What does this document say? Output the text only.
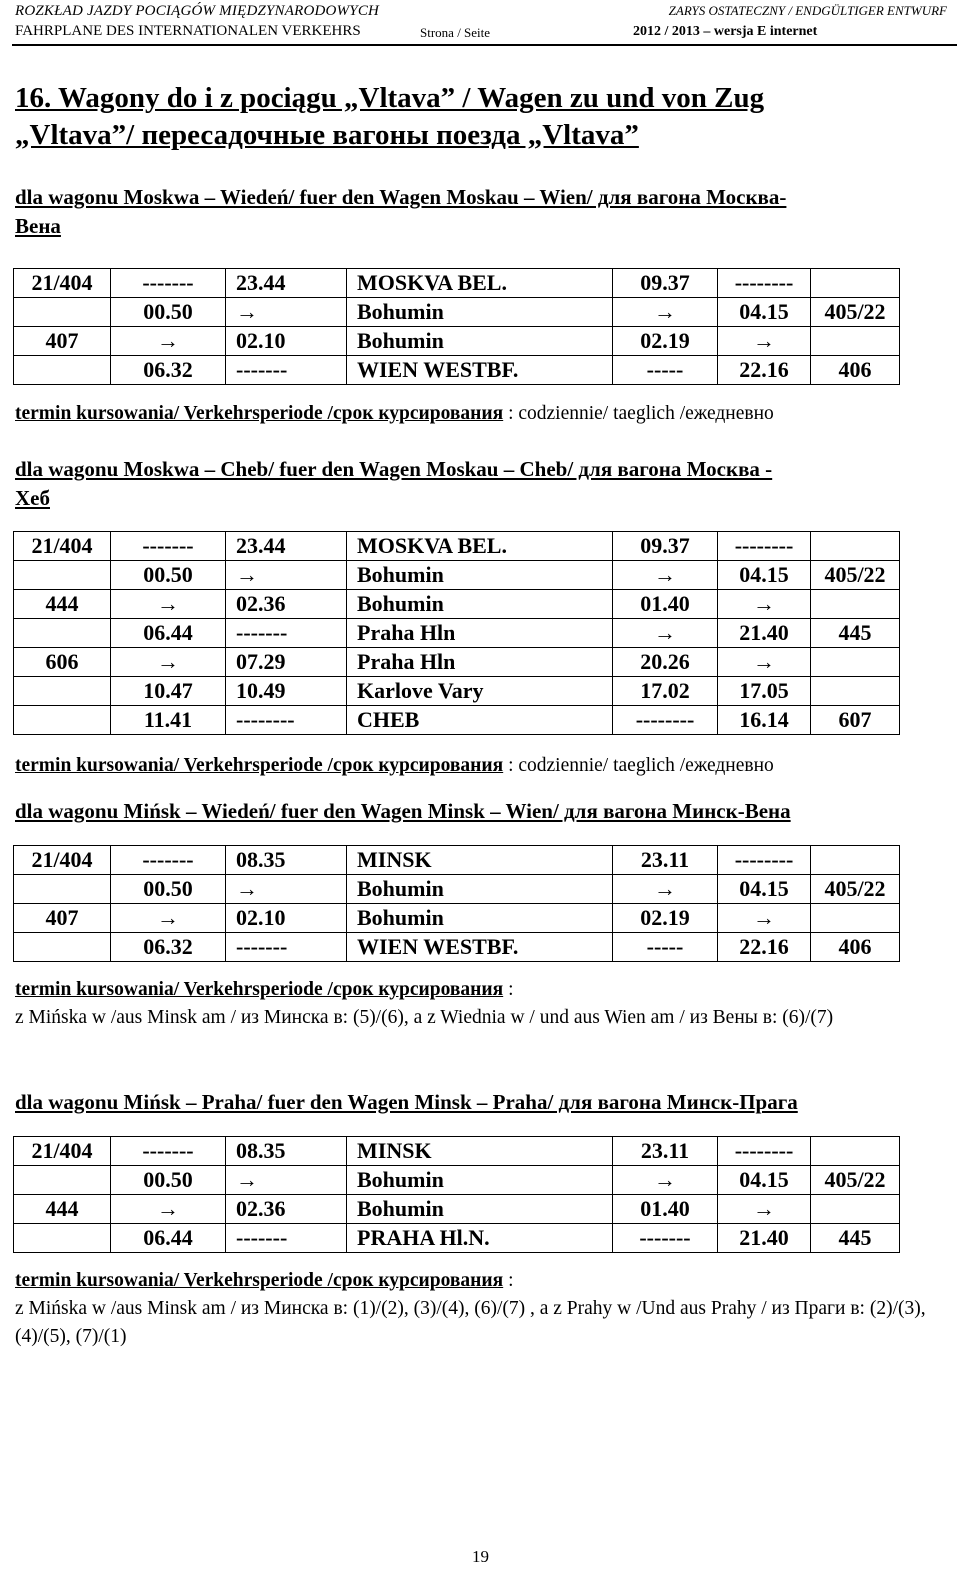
ROZKŁAD JAZDY POCIĄGÓW MIĘDZYNARODOWYCH
FAHRPLANE DES INTERNATIONALEN VERKEHRS	Strona / Seite
ZARYS OSTATECZNY / ENDGÜLTIGER ENTWURF
2012 / 2013 – wersja E internet
16. Wagony do i z pociągu „Vltava” / Wagen zu und von Zug
„Vltava”/ пересадочные вагоны поезда „Vltava”
dla wagonu Moskwa – Wiedeń/ fuer den Wagen Moskau – Wien/ для вагона Москва-
Вена
21/404	-------	23.44	MOSKVA BEL.	09.37	--------	
	00.50	→	Bohumin	→	04.15	405/22
407	→	02.10	Bohumin	02.19	→	
	06.32	-------	WIEN WESTBF.	-----	22.16	406
termin kursowania/ Verkehrsperiode /срок курсирования : codziennie/ taeglich /ежедневно
dla wagonu Moskwa – Cheb/ fuer den Wagen Moskau – Cheb/ для вагона Москва -
Хеб
21/404	-------	23.44	MOSKVA BEL.	09.37	--------	
	00.50	→	Bohumin	→	04.15	405/22
444	→	02.36	Bohumin	01.40	→	
	06.44	-------	Praha Hln	→	21.40	445
606	→	07.29	Praha Hln	20.26	→	
	10.47	10.49	Karlove Vary	17.02	17.05	
	11.41	--------	CHEB	--------	16.14	607
termin kursowania/ Verkehrsperiode /срок курсирования : codziennie/ taeglich /ежедневно
dla wagonu Mińsk – Wiedeń/ fuer den Wagen Minsk – Wien/ для вагона Минск-Вена
21/404	-------	08.35	MINSK	23.11	--------	
	00.50	→	Bohumin	→	04.15	405/22
407	→	02.10	Bohumin	02.19	→	
	06.32	-------	WIEN WESTBF.	-----	22.16	406
termin kursowania/ Verkehrsperiode /срок курсирования :
z Mińska w /aus Minsk am / из Минска в: (5)/(6), a z Wiednia w / und aus Wien am / из Вены в: (6)/(7)
dla wagonu Mińsk – Praha/ fuer den Wagen Minsk – Praha/ для вагона Минск-Прага
21/404	-------	08.35	MINSK	23.11	--------	
	00.50	→	Bohumin	→	04.15	405/22
444	→	02.36	Bohumin	01.40	→	
	06.44	-------	PRAHA Hl.N.	-------	21.40	445
termin kursowania/ Verkehrsperiode /срок курсирования :
z Mińska w /aus Minsk am / из Минска в: (1)/(2), (3)/(4), (6)/(7) , a z Prahy w /Und aus Prahy / из Праги в: (2)/(3), (4)/(5), (7)/(1)
19
